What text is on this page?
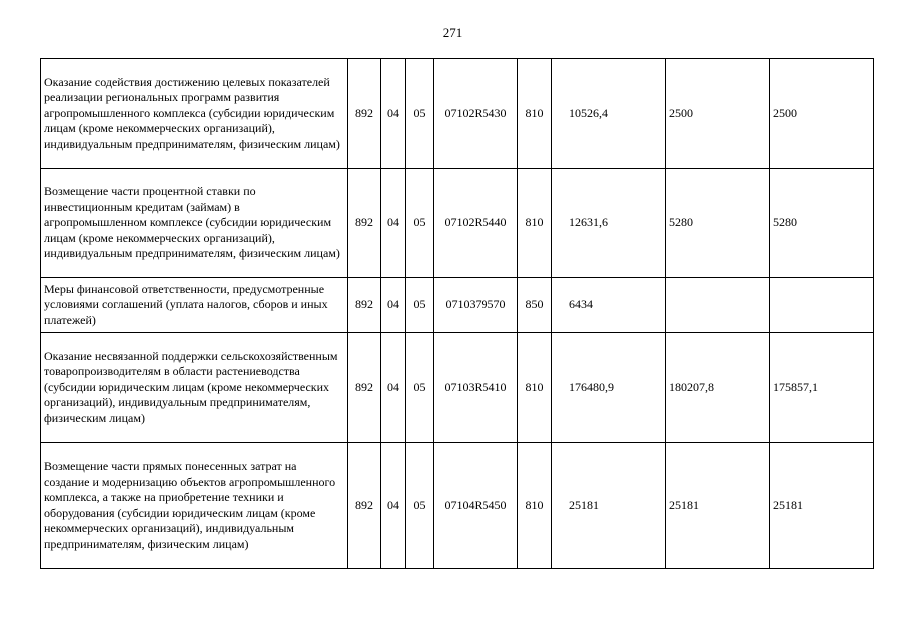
271
Оказание содействия достижению целевых показателей реализации региональных программ развития агропромышленного комплекса (субсидии юридическим лицам (кроме некоммерческих организаций), индивидуальным предпринимателям, физическим лицам)	892	04	05	07102R5430	810	10526,4	2500	2500
Возмещение части процентной ставки по инвестиционным кредитам (займам) в агропромышленном комплексе (субсидии юридическим лицам (кроме некоммерческих организаций), индивидуальным предпринимателям, физическим лицам)	892	04	05	07102R5440	810	12631,6	5280	5280
Меры финансовой ответственности, предусмотренные условиями соглашений (уплата налогов, сборов и иных платежей)	892	04	05	0710379570	850	6434		
Оказание несвязанной поддержки сельскохозяйственным товаропроизводителям в области растениеводства (субсидии юридическим лицам (кроме некоммерческих организаций), индивидуальным предпринимателям, физическим лицам)	892	04	05	07103R5410	810	176480,9	180207,8	175857,1
Возмещение части прямых понесенных затрат на создание и модернизацию объектов агропромышленного комплекса, а также на приобретение техники и оборудования (субсидии юридическим лицам (кроме некоммерческих организаций), индивидуальным предпринимателям, физическим лицам)	892	04	05	07104R5450	810	25181	25181	25181
